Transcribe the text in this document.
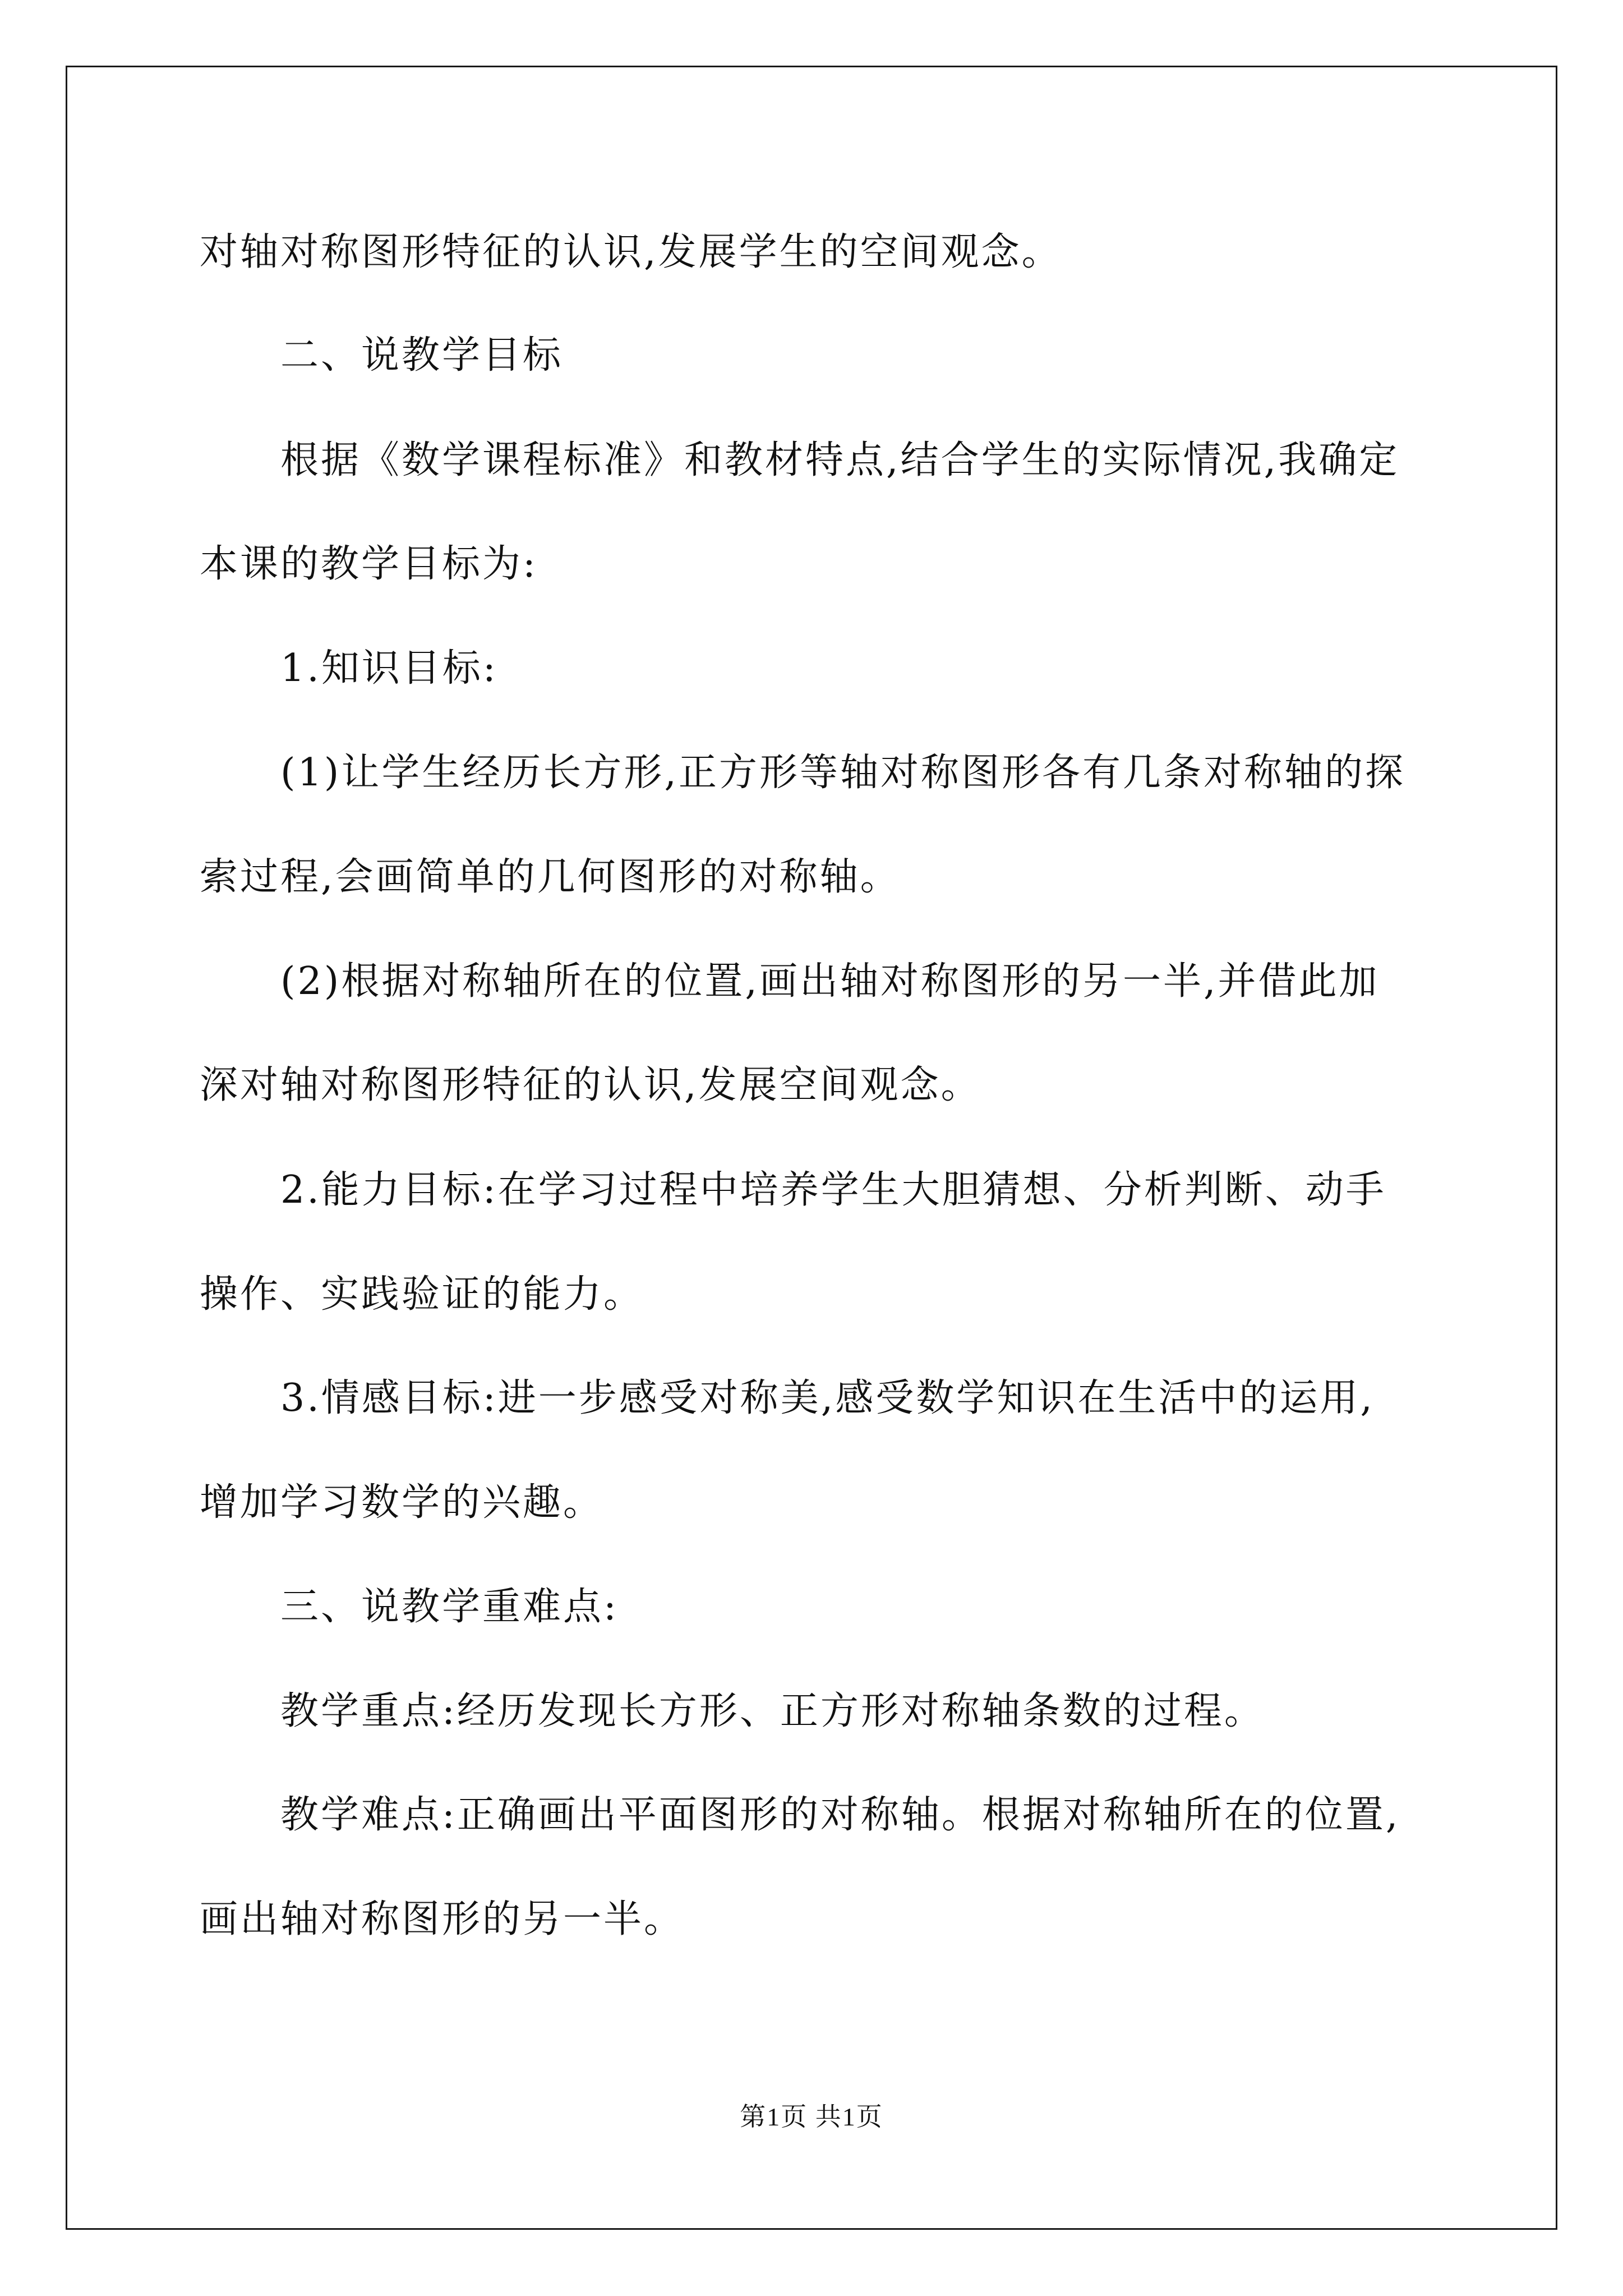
对轴对称图形特征的认识,发展学生的空间观念。

二、说教学目标

根据《数学课程标准》和教材特点,结合学生的实际情况,我确定

本课的教学目标为:

1.知识目标:

(1)让学生经历长方形,正方形等轴对称图形各有几条对称轴的探

索过程,会画简单的几何图形的对称轴。

(2)根据对称轴所在的位置,画出轴对称图形的另一半,并借此加

深对轴对称图形特征的认识,发展空间观念。

2.能力目标:在学习过程中培养学生大胆猜想、分析判断、动手

操作、实践验证的能力。

3.情感目标:进一步感受对称美,感受数学知识在生活中的运用,

增加学习数学的兴趣。

三、说教学重难点:

教学重点:经历发现长方形、正方形对称轴条数的过程。

教学难点:正确画出平面图形的对称轴。根据对称轴所在的位置,

画出轴对称图形的另一半。

第1页 共1页
